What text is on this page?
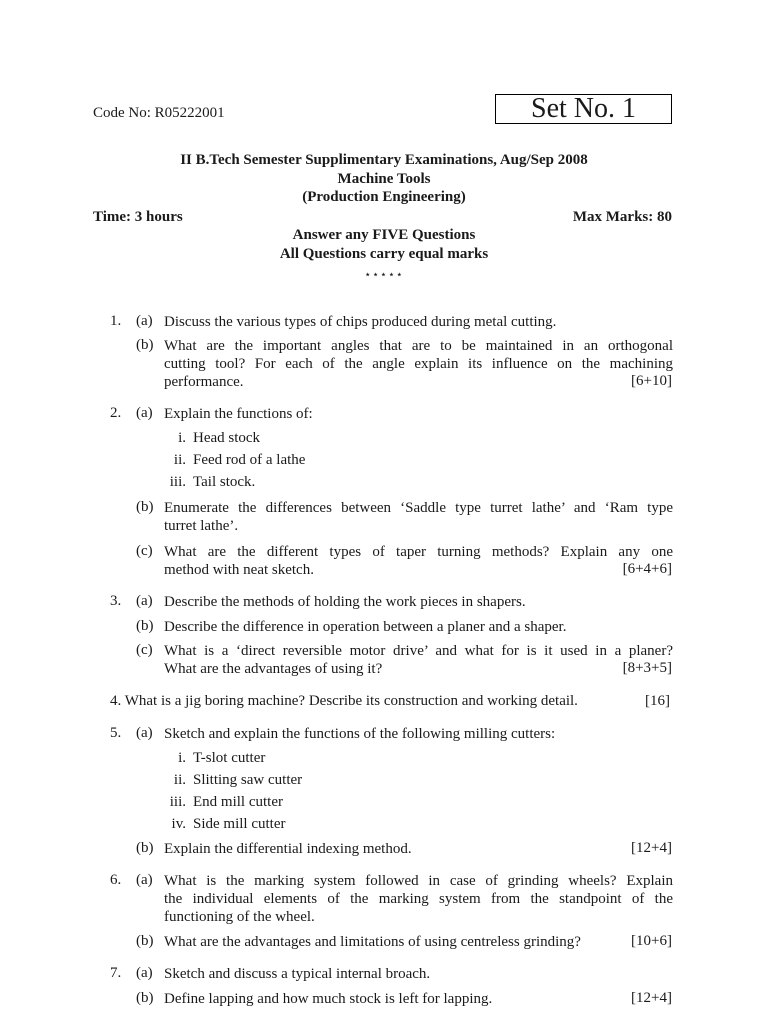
Code No: R05222001	Set No. 1
II B.Tech Semester Supplimentary Examinations, Aug/Sep 2008
Machine Tools
(Production Engineering)
Time: 3 hours	Max Marks: 80
Answer any FIVE Questions
All Questions carry equal marks
⋆⋆⋆⋆⋆
1. (a) Discuss the various types of chips produced during metal cutting.
(b) What are the important angles that are to be maintained in an orthogonal
cutting tool? For each of the angle explain its influence on the machining
performance.	[6+10]
2. (a) Explain the functions of:
i. Head stock
ii. Feed rod of a lathe
iii. Tail stock.
(b) Enumerate the differences between ‘Saddle type turret lathe’ and ‘Ram type
turret lathe’.
(c) What are the different types of taper turning methods? Explain any one
method with neat sketch.	[6+4+6]
3. (a) Describe the methods of holding the work pieces in shapers.
(b) Describe the difference in operation between a planer and a shaper.
(c) What is a ‘direct reversible motor drive’ and what for is it used in a planer?
What are the advantages of using it?	[8+3+5]
4. What is a jig boring machine? Describe its construction and working detail.	[16]
5. (a) Sketch and explain the functions of the following milling cutters:
i. T-slot cutter
ii. Slitting saw cutter
iii. End mill cutter
iv. Side mill cutter
(b) Explain the differential indexing method.	[12+4]
6. (a) What is the marking system followed in case of grinding wheels? Explain
the individual elements of the marking system from the standpoint of the
functioning of the wheel.
(b) What are the advantages and limitations of using centreless grinding?	[10+6]
7. (a) Sketch and discuss a typical internal broach.
(b) Define lapping and how much stock is left for lapping.	[12+4]
